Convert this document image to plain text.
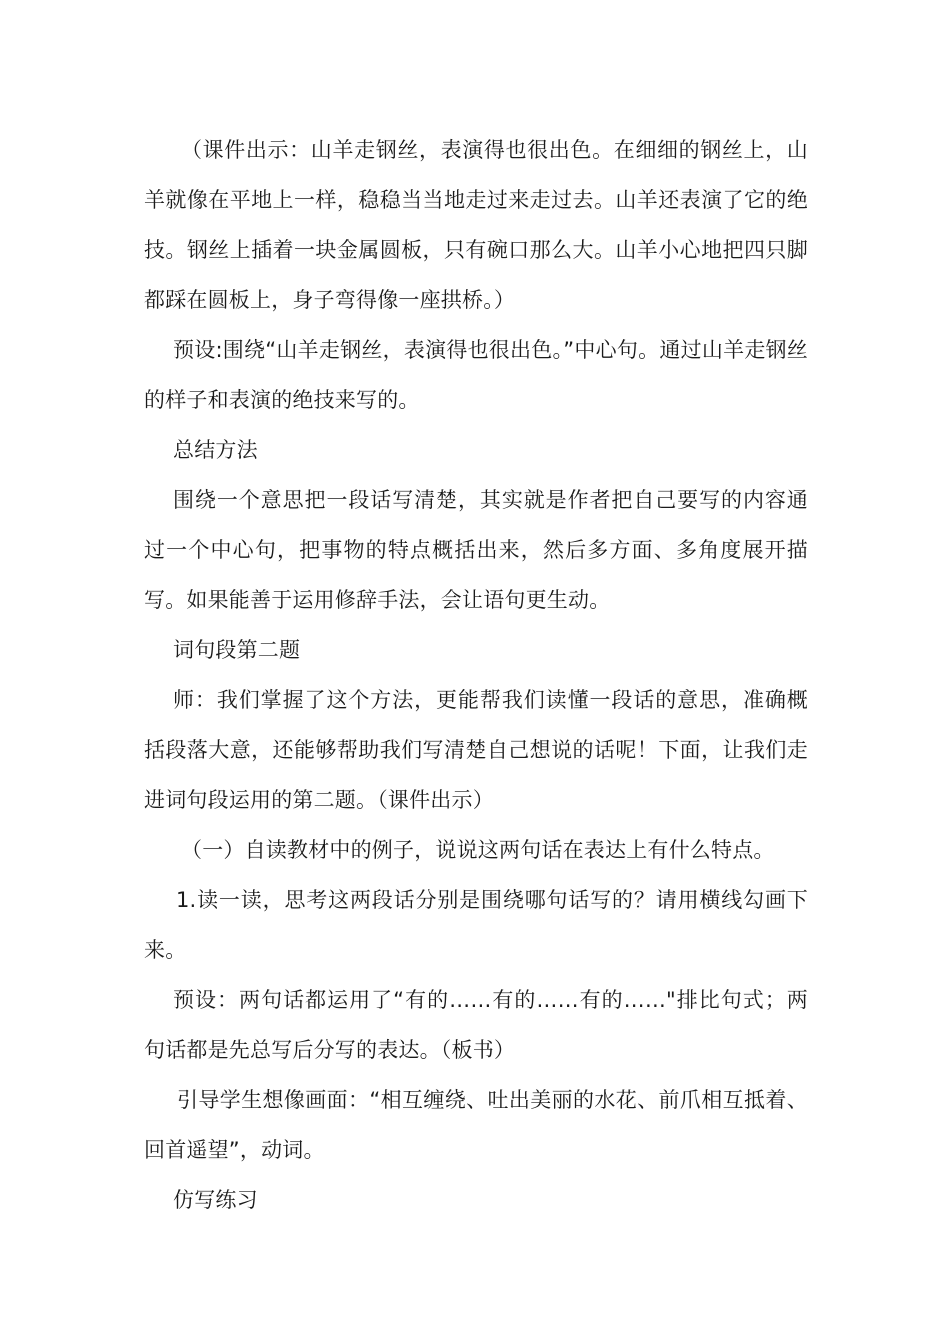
（课件出示：山羊走钢丝，表演得也很出色。在细细的钢丝上，山羊就像在平地上一样，稳稳当当地走过来走过去。山羊还表演了它的绝技。钢丝上插着一块金属圆板，只有碗口那么大。山羊小心地把四只脚都踩在圆板上，身子弯得像一座拱桥。）

预设:围绕“山羊走钢丝，表演得也很出色。”中心句。通过山羊走钢丝的样子和表演的绝技来写的。

总结方法

围绕一个意思把一段话写清楚，其实就是作者把自己要写的内容通过一个中心句，把事物的特点概括出来，然后多方面、多角度展开描写。如果能善于运用修辞手法，会让语句更生动。

词句段第二题

师：我们掌握了这个方法，更能帮我们读懂一段话的意思，准确概括段落大意，还能够帮助我们写清楚自己想说的话呢！下面，让我们走进词句段运用的第二题。（课件出示）

（一）自读教材中的例子，说说这两句话在表达上有什么特点。

1.读一读，思考这两段话分别是围绕哪句话写的？请用横线勾画下来。

预设：两句话都运用了“有的……有的……有的……"排比句式；两句话都是先总写后分写的表达。（板书）

引导学生想像画面：“相互缠绕、吐出美丽的水花、前爪相互抵着、回首遥望”，动词。

仿写练习
